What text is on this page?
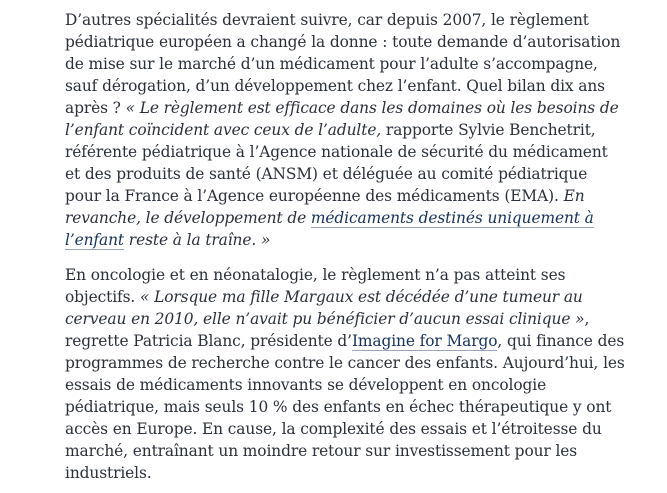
D’autres spécialités devraient suivre, car depuis 2007, le règlement pédiatrique européen a changé la donne : toute demande d’autorisation de mise sur le marché d’un médicament pour l’adulte s’accompagne, sauf dérogation, d’un développement chez l’enfant. Quel bilan dix ans après ? « Le règlement est efficace dans les domaines où les besoins de l’enfant coïncident avec ceux de l’adulte, rapporte Sylvie Benchetrit, référente pédiatrique à l’Agence nationale de sécurité du médicament et des produits de santé (ANSM) et déléguée au comité pédiatrique pour la France à l’Agence européenne des médicaments (EMA). En revanche, le développement de médicaments destinés uniquement à l’enfant reste à la traîne. »

En oncologie et en néonatalogie, le règlement n’a pas atteint ses objectifs. « Lorsque ma fille Margaux est décédée d’une tumeur au cerveau en 2010, elle n’avait pu bénéficier d’aucun essai clinique », regrette Patricia Blanc, présidente d’Imagine for Margo, qui finance des programmes de recherche contre le cancer des enfants. Aujourd’hui, les essais de médicaments innovants se développent en oncologie pédiatrique, mais seuls 10 % des enfants en échec thérapeutique y ont accès en Europe. En cause, la complexité des essais et l’étroitesse du marché, entraînant un moindre retour sur investissement pour les industriels.
